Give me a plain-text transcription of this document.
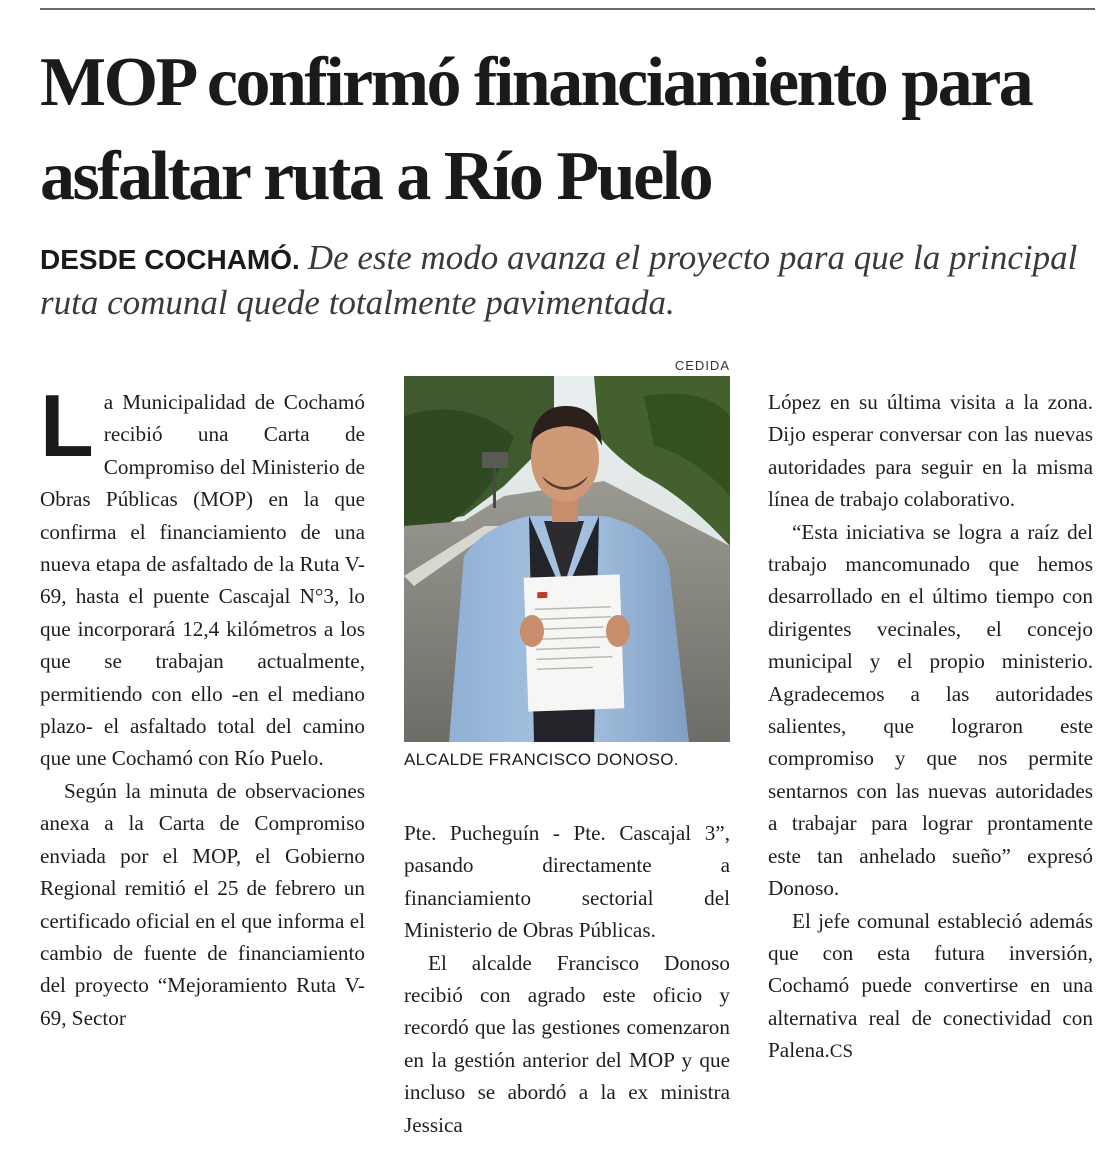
MOP confirmó financiamiento para asfaltar ruta a Río Puelo

DESDE COCHAMÓ. De este modo avanza el proyecto para que la principal ruta comunal quede totalmente pavimentada.

La Municipalidad de Cochamó recibió una Carta de Compromiso del Ministerio de Obras Públicas (MOP) en la que confirma el financiamiento de una nueva etapa de asfaltado de la Ruta V-69, hasta el puente Cascajal N°3, lo que incorporará 12,4 kilómetros a los que se trabajan actualmente, permitiendo con ello -en el mediano plazo- el asfaltado total del camino que une Cochamó con Río Puelo.

Según la minuta de observaciones anexa a la Carta de Compromiso enviada por el MOP, el Gobierno Regional remitió el 25 de febrero un certificado oficial en el que informa el cambio de fuente de financiamiento del proyecto “Mejoramiento Ruta V-69, Sector

CEDIDA
ALCALDE FRANCISCO DONOSO.

Pte. Pucheguín - Pte. Cascajal 3”, pasando directamente a financiamiento sectorial del Ministerio de Obras Públicas.

El alcalde Francisco Donoso recibió con agrado este oficio y recordó que las gestiones comenzaron en la gestión anterior del MOP y que incluso se abordó a la ex ministra Jessica

López en su última visita a la zona. Dijo esperar conversar con las nuevas autoridades para seguir en la misma línea de trabajo colaborativo.

“Esta iniciativa se logra a raíz del trabajo mancomunado que hemos desarrollado en el último tiempo con dirigentes vecinales, el concejo municipal y el propio ministerio. Agradecemos a las autoridades salientes, que lograron este compromiso y que nos permite sentarnos con las nuevas autoridades a trabajar para lograr prontamente este tan anhelado sueño” expresó Donoso.

El jefe comunal estableció además que con esta futura inversión, Cochamó puede convertirse en una alternativa real de conectividad con Palena.CS
